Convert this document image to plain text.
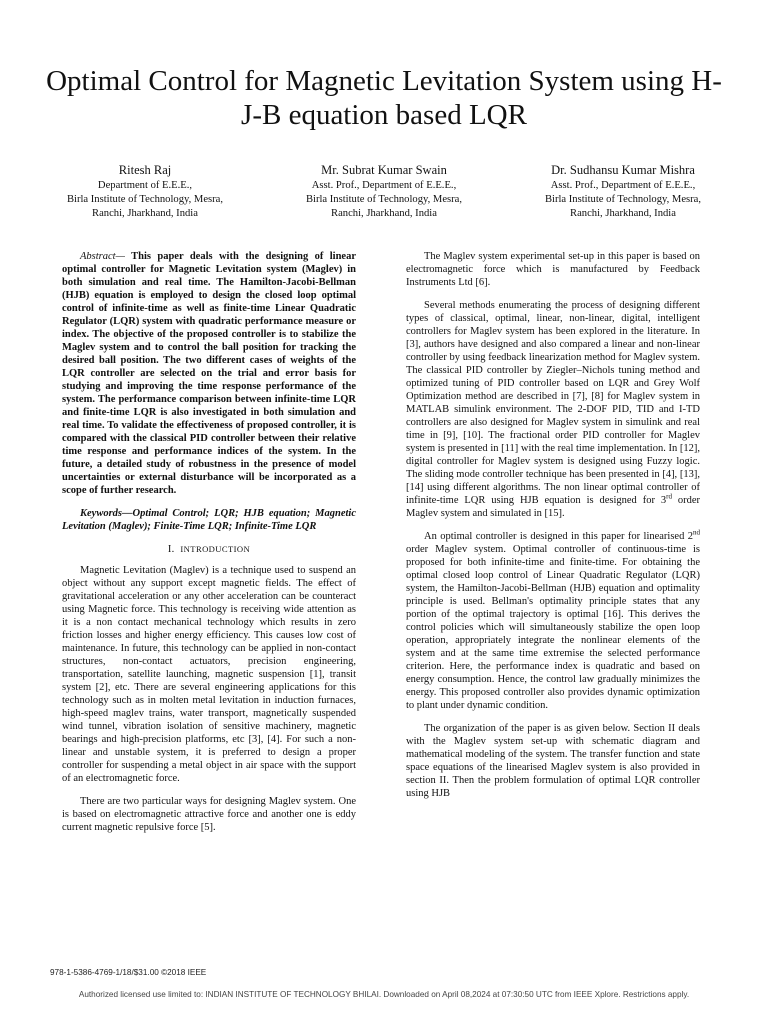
Optimal Control for Magnetic Levitation System using H-J-B equation based LQR
Ritesh Raj
Department of E.E.E.,
Birla Institute of Technology, Mesra,
Ranchi, Jharkhand, India
Mr. Subrat Kumar Swain
Asst. Prof., Department of E.E.E.,
Birla Institute of Technology, Mesra,
Ranchi, Jharkhand, India
Dr. Sudhansu Kumar Mishra
Asst. Prof., Department of E.E.E.,
Birla Institute of Technology, Mesra,
Ranchi, Jharkhand, India

Abstract— This paper deals with the designing of linear optimal controller for Magnetic Levitation system (Maglev) in both simulation and real time. The Hamilton-Jacobi-Bellman (HJB) equation is employed to design the closed loop optimal control of infinite-time as well as finite-time Linear Quadratic Regulator (LQR) system with quadratic performance measure or index. The objective of the proposed controller is to stabilize the Maglev system and to control the ball position for tracking the desired ball position. The two different cases of weights of the LQR controller are selected on the trial and error basis for studying and improving the time response performance of the system. The performance comparison between infinite-time LQR and finite-time LQR is also investigated in both simulation and real time. To validate the effectiveness of proposed controller, it is compared with the classical PID controller between their relative time response and performance indices of the system. In the future, a detailed study of robustness in the presence of model uncertainties or external disturbance will be incorporated as a scope of further research.

Keywords—Optimal Control; LQR; HJB equation; Magnetic Levitation (Maglev); Finite-Time LQR; Infinite-Time LQR

I. INTRODUCTION

Magnetic Levitation (Maglev) is a technique used to suspend an object without any support except magnetic fields. The effect of gravitational acceleration or any other acceleration can be counteract using Magnetic force. This technology is receiving wide attention as it is a non contact mechanical technology which results in zero friction losses and higher energy efficiency. This causes low cost of maintenance. In future, this technology can be applied in non-contact structures, non-contact actuators, precision engineering, transportation, satellite launching, magnetic suspension [1], transit system [2], etc. There are several engineering applications for this technology such as in molten metal levitation in induction furnaces, high-speed maglev trains, water transport, magnetically suspended wind tunnel, vibration isolation of sensitive machinery, magnetic bearings and high-precision platforms, etc [3], [4]. For such a non-linear and unstable system, it is preferred to design a proper controller for suspending a metal object in air space with the support of an electromagnetic force.

There are two particular ways for designing Maglev system. One is based on electromagnetic attractive force and another one is eddy current magnetic repulsive force [5].

The Maglev system experimental set-up in this paper is based on electromagnetic force which is manufactured by Feedback Instruments Ltd [6].

Several methods enumerating the process of designing different types of classical, optimal, linear, non-linear, digital, intelligent controllers for Maglev system has been explored in the literature. In [3], authors have designed and also compared a linear and non-linear controller by using feedback linearization method for Maglev system. The classical PID controller by Ziegler–Nichols tuning method and optimized tuning of PID controller based on LQR and Grey Wolf Optimization method are described in [7], [8] for Maglev system in MATLAB simulink environment. The 2-DOF PID, TID and I-TD controllers are also designed for Maglev system in simulink and real time in [9], [10]. The fractional order PID controller for Maglev system is presented in [11] with the real time implementation. In [12], digital controller for Maglev system is designed using Fuzzy logic. The sliding mode controller technique has been presented in [4], [13], [14] using different algorithms. The non linear optimal controller of infinite-time LQR using HJB equation is designed for 3rd order Maglev system and simulated in [15].

An optimal controller is designed in this paper for linearised 2nd order Maglev system. Optimal controller of continuous-time is proposed for both infinite-time and finite-time. For obtaining the optimal closed loop control of Linear Quadratic Regulator (LQR) system, the Hamilton-Jacobi-Bellman (HJB) equation and optimality principle is used. Bellman's optimality principle states that any portion of the optimal trajectory is optimal [16]. This derives the control policies which will simultaneously stabilize the open loop operation, appropriately integrate the nonlinear elements of the system and at the same time extremise the selected performance criterion. Here, the performance index is quadratic and based on energy consumption. Hence, the control law gradually minimizes the energy. This proposed controller also provides dynamic optimization to plant under dynamic condition.

The organization of the paper is as given below. Section II deals with the Maglev system set-up with schematic diagram and mathematical modeling of the system. The transfer function and state space equations of the linearised Maglev system is also provided in section II. Then the problem formulation of optimal LQR controller using HJB

978-1-5386-4769-1/18/$31.00 ©2018 IEEE
Authorized licensed use limited to: INDIAN INSTITUTE OF TECHNOLOGY BHILAI. Downloaded on April 08,2024 at 07:30:50 UTC from IEEE Xplore. Restrictions apply.
